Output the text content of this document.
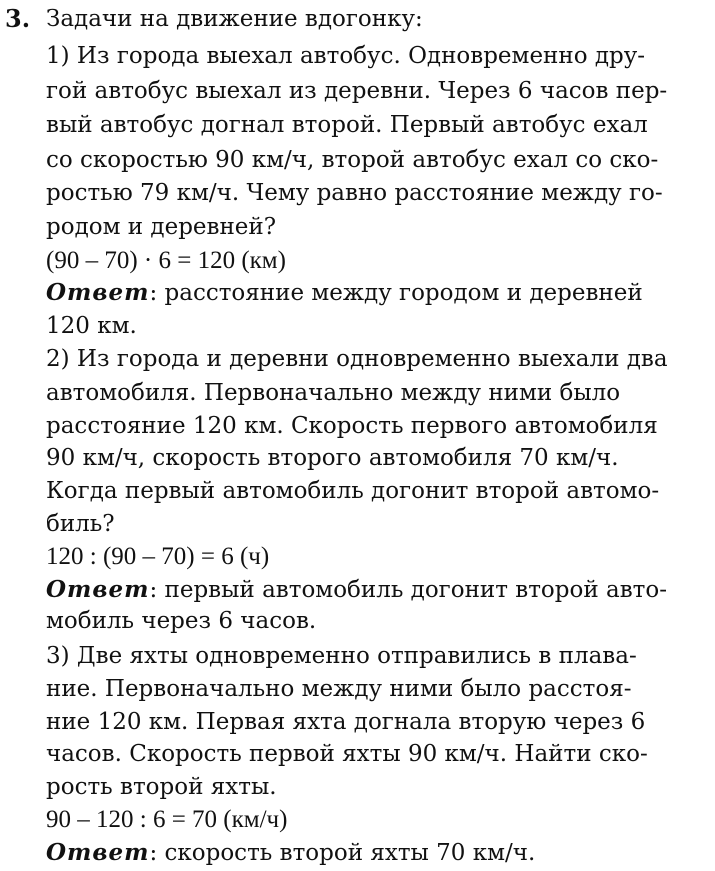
3. Задачи на движение вдогонку:
1) Из города выехал автобус. Одновременно дру-
гой автобус выехал из деревни. Через 6 часов пер-
вый автобус догнал второй. Первый автобус ехал
со скоростью 90 км/ч, второй автобус ехал со ско-
ростью 79 км/ч. Чему равно расстояние между го-
родом и деревней?
(90 – 70) · 6 = 120 (км)
Ответ: расстояние между городом и деревней
120 км.
2) Из города и деревни одновременно выехали два
автомобиля. Первоначально между ними было
расстояние 120 км. Скорость первого автомобиля
90 км/ч, скорость второго автомобиля 70 км/ч.
Когда первый автомобиль догонит второй автомо-
биль?
120 : (90 – 70) = 6 (ч)
Ответ: первый автомобиль догонит второй авто-
мобиль через 6 часов.
3) Две яхты одновременно отправились в плава-
ние. Первоначально между ними было расстоя-
ние 120 км. Первая яхта догнала вторую через 6
часов. Скорость первой яхты 90 км/ч. Найти ско-
рость второй яхты.
90 – 120 : 6 = 70 (км/ч)
Ответ: скорость второй яхты 70 км/ч.
